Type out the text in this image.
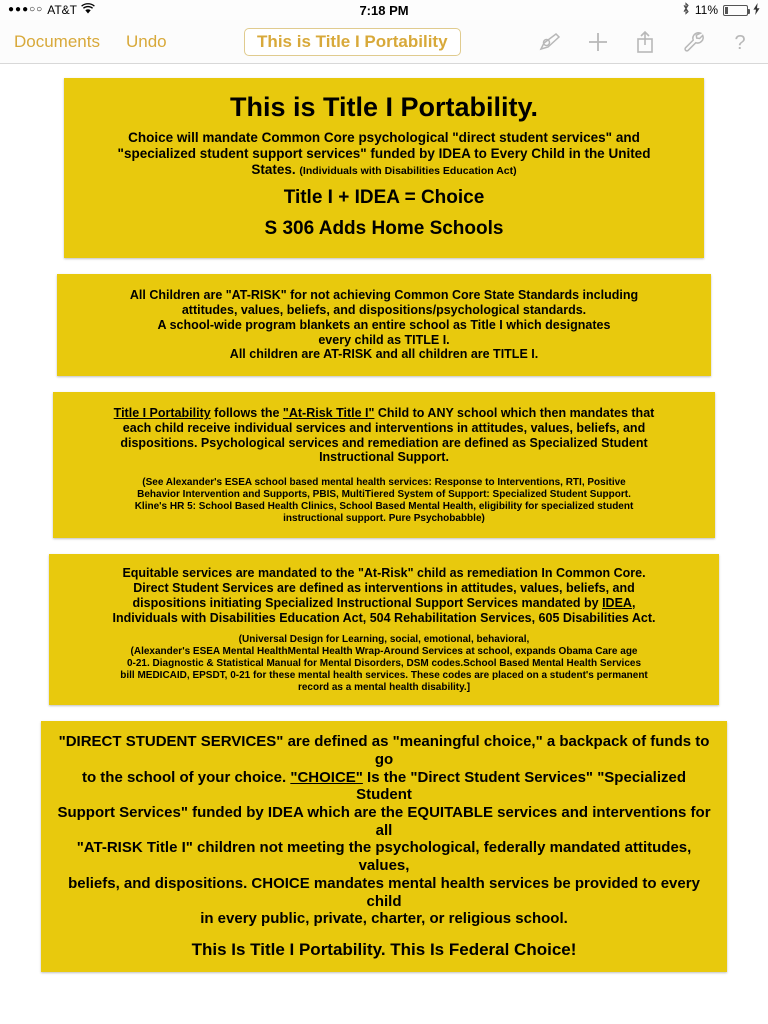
●●●○○ AT&T	7:18 PM	11%
Documents Undo	This is Title I Portability	?
This is Title I Portability.
Choice will mandate Common Core psychological "direct student services" and
"specialized student support services" funded by IDEA to Every Child in the United
States. (Individuals with Disabilities Education Act)
Title I + IDEA = Choice
S 306 Adds Home Schools
All Children are "AT-RISK" for not achieving Common Core State Standards including
attitudes, values, beliefs, and dispositions/psychological standards.
A school-wide program blankets an entire school as Title I which designates
every child as TITLE I.
All children are AT-RISK and all children are TITLE I.
Title I Portability follows the "At-Risk Title I" Child to ANY school which then mandates that
each child receive individual services and interventions in attitudes, values, beliefs, and
dispositions. Psychological services and remediation are defined as Specialized Student
Instructional Support.
(See Alexander's ESEA school based mental health services: Response to Interventions, RTI, Positive
Behavior Intervention and Supports, PBIS, MultiTiered System of Support: Specialized Student Support.
Kline's HR 5: School Based Health Clinics, School Based Mental Health, eligibility for specialized student
instructional support. Pure Psychobabble)
Equitable services are mandated to the "At-Risk" child as remediation In Common Core.
Direct Student Services are defined as interventions in attitudes, values, beliefs, and
dispositions initiating Specialized Instructional Support Services mandated by IDEA,
Individuals with Disabilities Education Act, 504 Rehabilitation Services, 605 Disabilities Act.
(Universal Design for Learning, social, emotional, behavioral,
(Alexander's ESEA Mental HealthMental Health Wrap-Around Services at school, expands Obama Care age
0-21. Diagnostic & Statistical Manual for Mental Disorders, DSM codes.School Based Mental Health Services
bill MEDICAID, EPSDT, 0-21 for these mental health services. These codes are placed on a student's permanent
record as a mental health disability.]
"DIRECT STUDENT SERVICES" are defined as "meaningful choice," a backpack of funds to go
to the school of your choice. "CHOICE" Is the "Direct Student Services" "Specialized Student
Support Services" funded by IDEA which are the EQUITABLE services and interventions for all
"AT-RISK Title I" children not meeting the psychological, federally mandated attitudes, values,
beliefs, and dispositions. CHOICE mandates mental health services be provided to every child
in every public, private, charter, or religious school.
This Is Title I Portability. This Is Federal Choice!
